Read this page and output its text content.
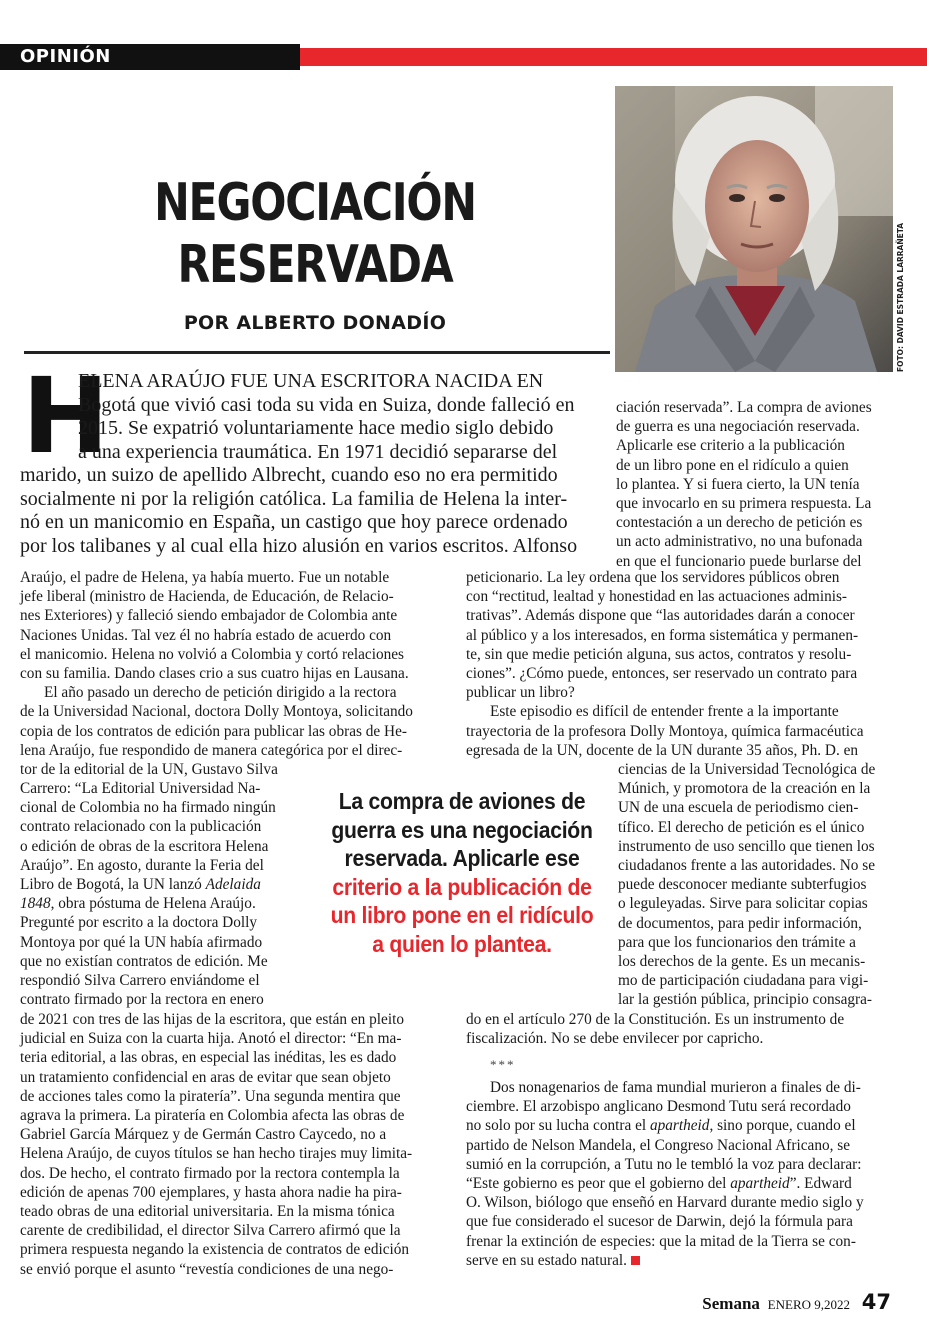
OPINIÓN
NEGOCIACIÓN
RESERVADA
POR ALBERTO DONADÍO	FOTO: DAVID ESTRADA LARRAÑETA
H
ELENA ARAÚJO FUE UNA ESCRITORA NACIDA EN
Bogotá que vivió casi toda su vida en Suiza, donde falleció en
2015. Se expatrió voluntariamente hace medio siglo debido
a una experiencia traumática. En 1971 decidió separarse del
marido, un suizo de apellido Albrecht, cuando eso no era permitido
socialmente ni por la religión católica. La familia de Helena la inter-
nó en un manicomio en España, un castigo que hoy parece ordenado
por los talibanes y al cual ella hizo alusión en varios escritos. Alfonso
Araújo, el padre de Helena, ya había muerto. Fue un notable
jefe liberal (ministro de Hacienda, de Educación, de Relacio-
nes Exteriores) y falleció siendo embajador de Colombia ante
Naciones Unidas. Tal vez él no habría estado de acuerdo con
el manicomio. Helena no volvió a Colombia y cortó relaciones
con su familia. Dando clases crio a sus cuatro hijas en Lausana.
El año pasado un derecho de petición dirigido a la rectora
de la Universidad Nacional, doctora Dolly Montoya, solicitando
copia de los contratos de edición para publicar las obras de He-
lena Araújo, fue respondido de manera categórica por el direc-
tor de la editorial de la UN, Gustavo Silva
Carrero: “La Editorial Universidad Na-
cional de Colombia no ha firmado ningún
contrato relacionado con la publicación
o edición de obras de la escritora Helena
Araújo”. En agosto, durante la Feria del
Libro de Bogotá, la UN lanzó Adelaida
1848, obra póstuma de Helena Araújo.
Pregunté por escrito a la doctora Dolly
Montoya por qué la UN había afirmado
que no existían contratos de edición. Me
respondió Silva Carrero enviándome el
contrato firmado por la rectora en enero
de 2021 con tres de las hijas de la escritora, que están en pleito
judicial en Suiza con la cuarta hija. Anotó el director: “En ma-
teria editorial, a las obras, en especial las inéditas, les es dado
un tratamiento confidencial en aras de evitar que sean objeto
de acciones tales como la piratería”. Una segunda mentira que
agrava la primera. La piratería en Colombia afecta las obras de
Gabriel García Márquez y de Germán Castro Caycedo, no a
Helena Araújo, de cuyos títulos se han hecho tirajes muy limita-
dos. De hecho, el contrato firmado por la rectora contempla la
edición de apenas 700 ejemplares, y hasta ahora nadie ha pira-
teado obras de una editorial universitaria. En la misma tónica
carente de credibilidad, el director Silva Carrero afirmó que la
primera respuesta negando la existencia de contratos de edición
se envió porque el asunto “revestía condiciones de una nego-
ciación reservada”. La compra de aviones
de guerra es una negociación reservada.
Aplicarle ese criterio a la publicación
de un libro pone en el ridículo a quien
lo plantea. Y si fuera cierto, la UN tenía
que invocarlo en su primera respuesta. La
contestación a un derecho de petición es
un acto administrativo, no una bufonada
en que el funcionario puede burlarse del
peticionario. La ley ordena que los servidores públicos obren
con “rectitud, lealtad y honestidad en las actuaciones adminis-
trativas”. Además dispone que “las autoridades darán a conocer
al público y a los interesados, en forma sistemática y permanen-
te, sin que medie petición alguna, sus actos, contratos y resolu-
ciones”. ¿Cómo puede, entonces, ser reservado un contrato para
publicar un libro?
Este episodio es difícil de entender frente a la importante
trayectoria de la profesora Dolly Montoya, química farmacéutica
egresada de la UN, docente de la UN durante 35 años, Ph. D. en
La compra de aviones de
guerra es una negociación
reservada. Aplicarle ese
criterio a la publicación de
un libro pone en el ridículo
a quien lo plantea.
ciencias de la Universidad Tecnológica de
Múnich, y promotora de la creación en la
UN de una escuela de periodismo cien-
tífico. El derecho de petición es el único
instrumento de uso sencillo que tienen los
ciudadanos frente a las autoridades. No se
puede desconocer mediante subterfugios
o leguleyadas. Sirve para solicitar copias
de documentos, para pedir información,
para que los funcionarios den trámite a
los derechos de la gente. Es un mecanis-
mo de participación ciudadana para vigi-
lar la gestión pública, principio consagra-
do en el artículo 270 de la Constitución. Es un instrumento de
fiscalización. No se debe envilecer por capricho.
***
Dos nonagenarios de fama mundial murieron a finales de di-
ciembre. El arzobispo anglicano Desmond Tutu será recordado
no solo por su lucha contra el apartheid, sino porque, cuando el
partido de Nelson Mandela, el Congreso Nacional Africano, se
sumió en la corrupción, a Tutu no le tembló la voz para declarar:
“Este gobierno es peor que el gobierno del apartheid”. Edward
O. Wilson, biólogo que enseñó en Harvard durante medio siglo y
que fue considerado el sucesor de Darwin, dejó la fórmula para
frenar la extinción de especies: que la mitad de la Tierra se con-
serve en su estado natural.
Semana ENERO 9,2022 47
